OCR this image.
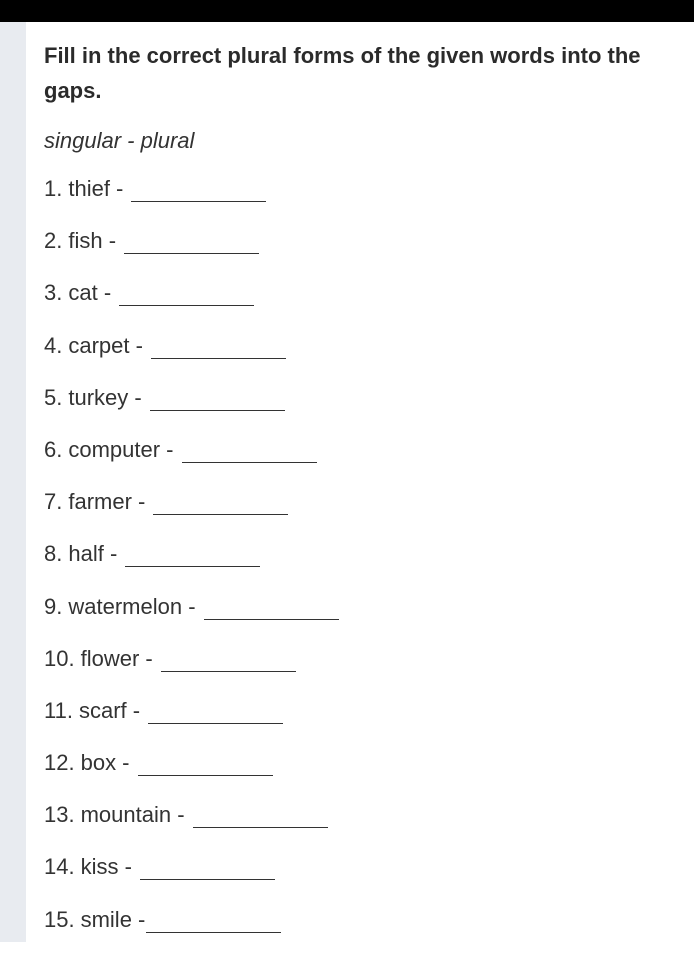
Fill in the correct plural forms of the given words into the gaps.

singular - plural
1. thief -
2. fish -
3. cat -
4. carpet -
5. turkey -
6. computer -
7. farmer -
8. half -
9. watermelon -
10. flower -
11. scarf -
12. box -
13. mountain -
14. kiss -
15. smile -
